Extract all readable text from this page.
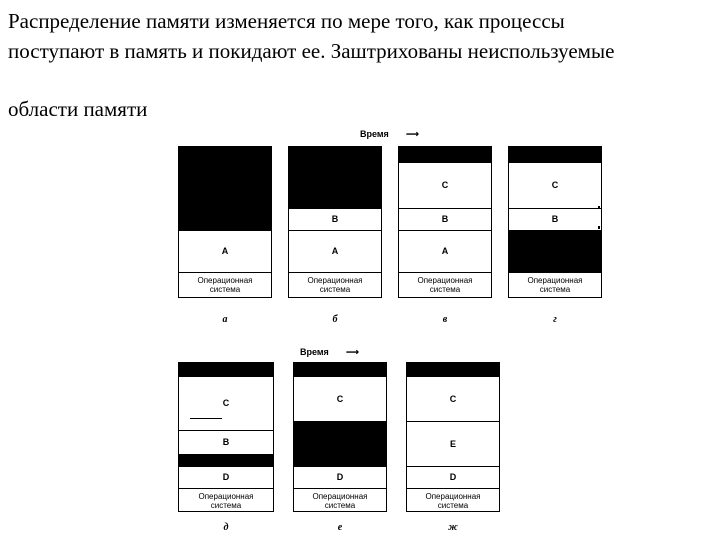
Распределение памяти изменяется по мере того, как процессы
поступают в память и покидают ее. Заштрихованы неиспользуемые
области памяти
Время ⟶
Время ⟶
A
Операционная
система
а
B
A
Операционная
система
б
C
B
A
Операционная
система
в
C
B
Операционная
система
г
C
B
D
Операционная
система
д
C
D
Операционная
система
е
C
E
D
Операционная
система
ж
